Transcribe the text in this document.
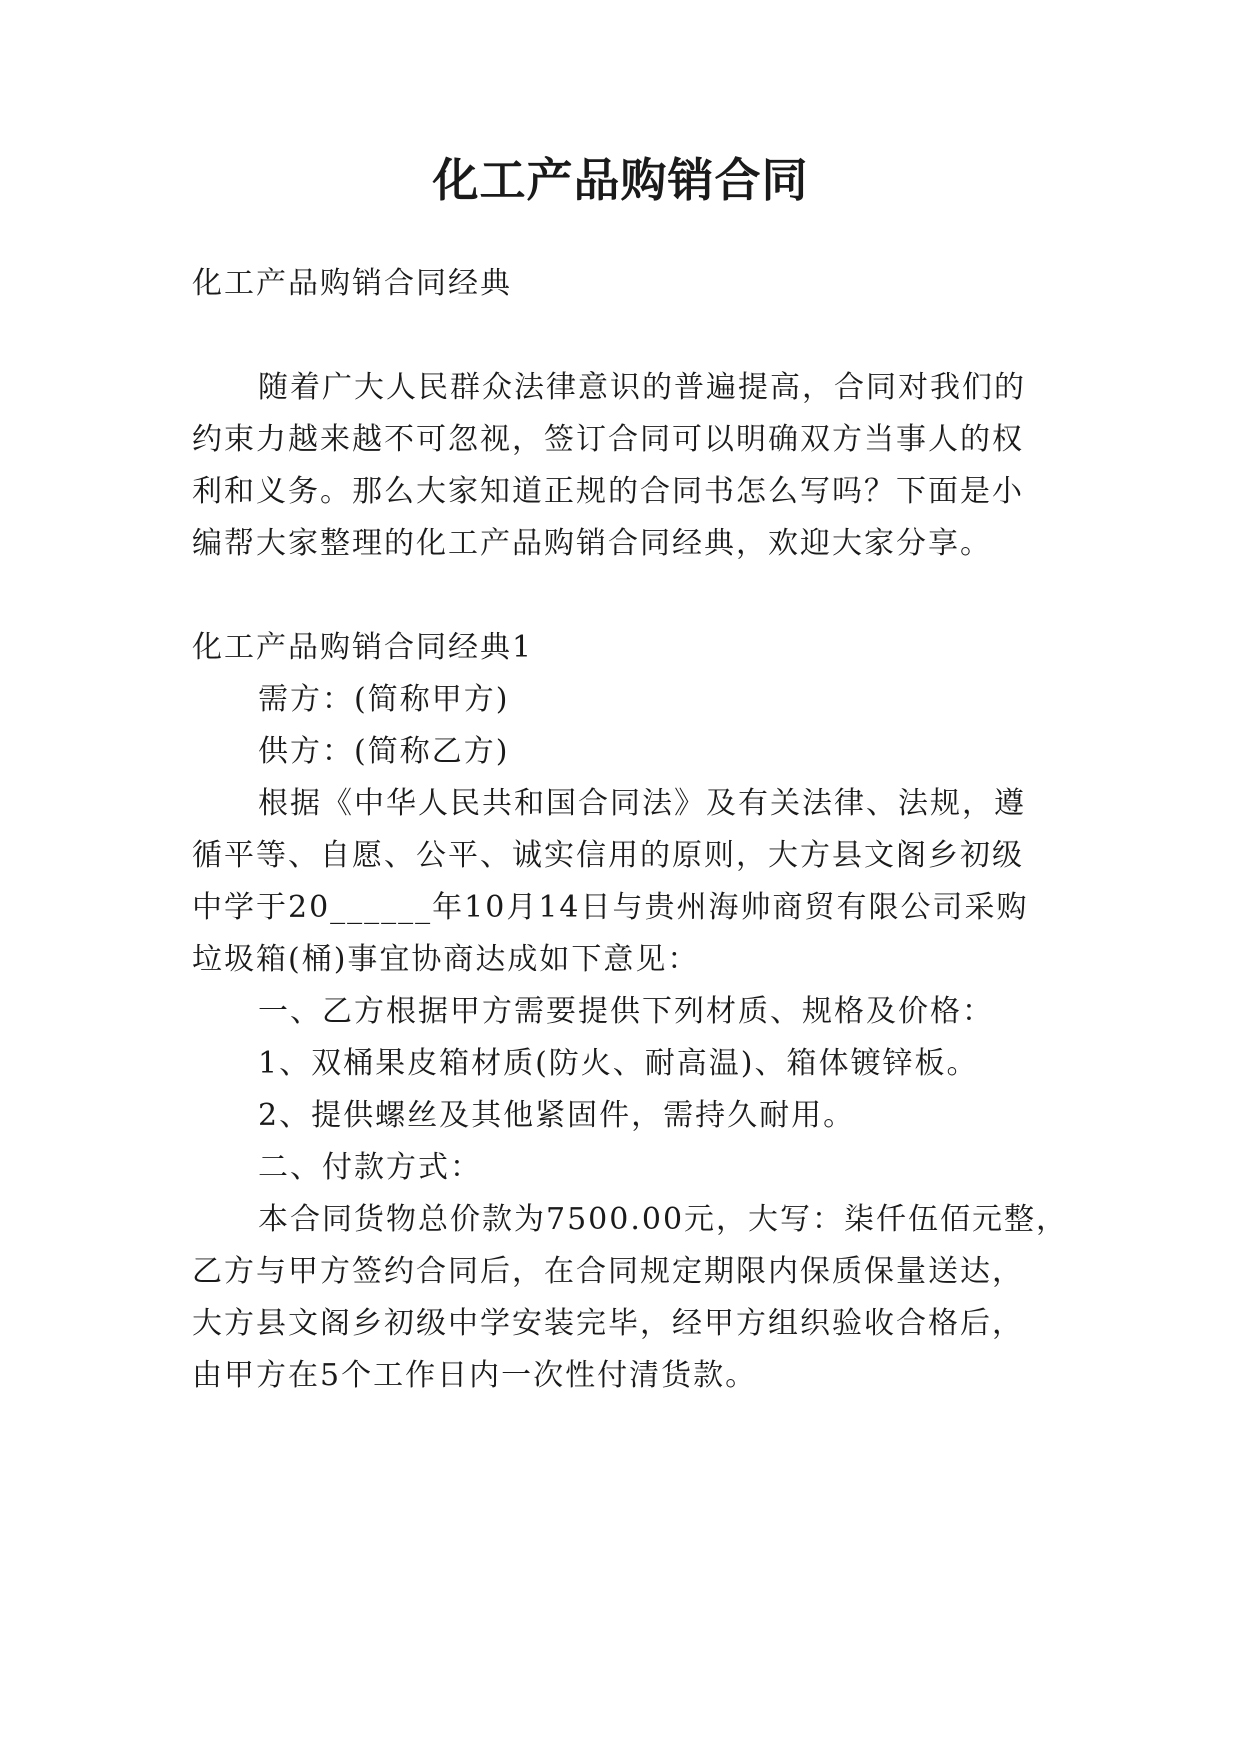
化工产品购销合同
化工产品购销合同经典
随着广大人民群众法律意识的普遍提高，合同对我们的
约束力越来越不可忽视，签订合同可以明确双方当事人的权
利和义务。那么大家知道正规的合同书怎么写吗？下面是小
编帮大家整理的化工产品购销合同经典，欢迎大家分享。
化工产品购销合同经典1
需方：(简称甲方)
供方：(简称乙方)
根据《中华人民共和国合同法》及有关法律、法规，遵
循平等、自愿、公平、诚实信用的原则，大方县文阁乡初级
中学于20______年10月14日与贵州海帅商贸有限公司采购
垃圾箱(桶)事宜协商达成如下意见：
一、乙方根据甲方需要提供下列材质、规格及价格：
1、双桶果皮箱材质(防火、耐高温)、箱体镀锌板。
2、提供螺丝及其他紧固件，需持久耐用。
二、付款方式：
本合同货物总价款为7500.00元，大写：柒仟伍佰元整，
乙方与甲方签约合同后，在合同规定期限内保质保量送达，
大方县文阁乡初级中学安装完毕，经甲方组织验收合格后，
由甲方在5个工作日内一次性付清货款。
